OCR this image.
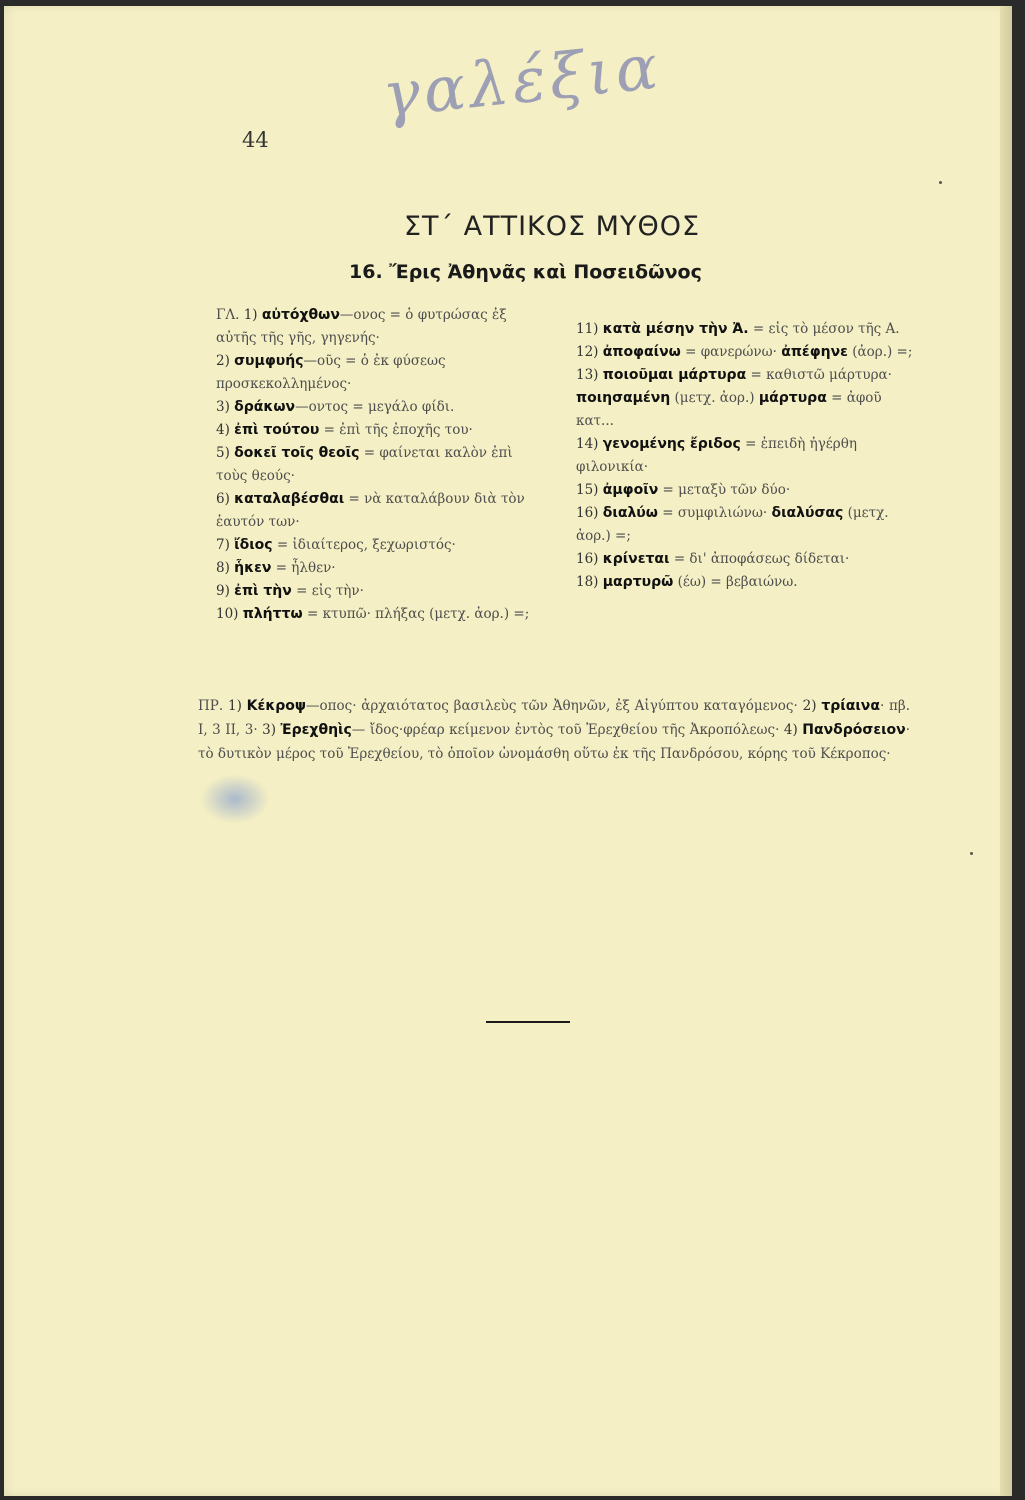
γαλέξια
44
ΣΤ΄ ΑΤΤΙΚΟΣ ΜΥΘΟΣ
16. Ἔρις Ἀθηνᾶς καὶ Ποσειδῶνος

ΓΛ. 1) αὐτόχθων—ονος = ὁ φυτρώσας ἐξ αὐτῆς τῆς γῆς, γηγενής·

2) συμφυής—οῦς = ὁ ἐκ φύσεως προσκεκολλημένος·

3) δράκων—οντος = μεγάλο φίδι.

4) ἐπὶ τούτου = ἐπὶ τῆς ἐποχῆς του·

5) δοκεῖ τοῖς θεοῖς = φαίνεται καλὸν ἐπὶ τοὺς θεούς·

6) καταλαβέσθαι = νὰ καταλάβουν διὰ τὸν ἑαυτόν των·

7) ἴδιος = ἰδιαίτερος, ξεχωριστός·

8) ἧκεν = ἦλθεν·

9) ἐπὶ τὴν = εἰς τὴν·

10) πλήττω = κτυπῶ· πλήξας (μετχ. ἀορ.) =;

11) κατὰ μέσην τὴν Ἀ. = εἰς τὸ μέσον τῆς Α.

12) ἀποφαίνω = φανερώνω· ἀπέφηνε (ἀορ.) =;

13) ποιοῦμαι μάρτυρα = καθιστῶ μάρτυρα· ποιησαμένη (μετχ. ἀορ.) μάρτυρα = ἀφοῦ κατ...

14) γενομένης ἔριδος = ἐπειδὴ ἠγέρθη φιλονικία·

15) ἀμφοῖν = μεταξὺ τῶν δύο·

16) διαλύω = συμφιλιώνω· διαλύσας (μετχ. ἀορ.) =;

16) κρίνεται = δι' ἀποφάσεως δίδεται·

18) μαρτυρῶ (έω) = βεβαιώνω.

ΠΡ. 1) Κέκροψ—οπος· ἀρχαιότατος βασιλεὺς τῶν Ἀθηνῶν, ἐξ Αἰγύπτου καταγόμενος· 2) τρίαινα· πβ. Ι, 3 ΙΙ, 3· 3) Ἐρεχθηὶς— ἴδος·φρέαρ κείμενον ἐντὸς τοῦ Ἐρεχθείου τῆς Ἀκροπόλεως· 4) Πανδρόσειον· τὸ δυτικὸν μέρος τοῦ Ἐρεχθείου, τὸ ὁποῖον ὠνομάσθη οὕτω ἐκ τῆς Πανδρόσου, κόρης τοῦ Κέκροπος·
